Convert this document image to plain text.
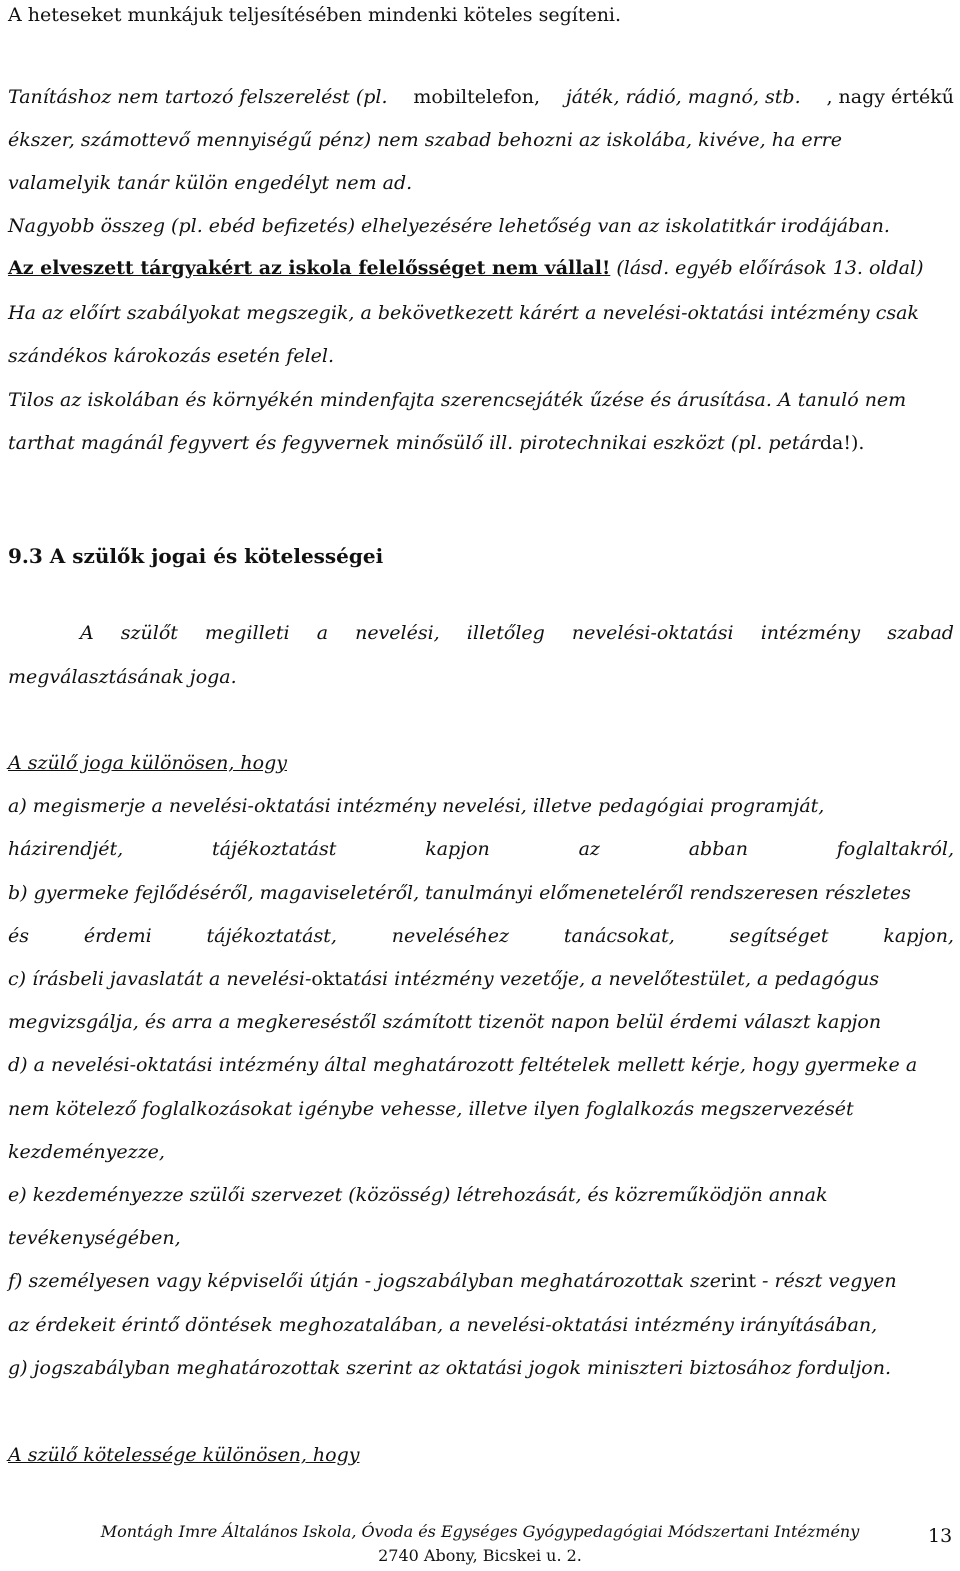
A heteseket munkájuk teljesítésében mindenki köteles segíteni.
Tanításhoz nem tartozó felszerelést (pl. mobiltelefon, játék, rádió, magnó, stb. , nagy értékű
ékszer, számottevő mennyiségű pénz) nem szabad behozni az iskolába, kivéve, ha erre
valamelyik tanár külön engedélyt nem ad.
Nagyobb összeg (pl. ebéd befizetés) elhelyezésére lehetőség van az iskolatitkár irodájában.
Az elveszett tárgyakért az iskola felelősséget nem vállal! (lásd. egyéb előírások 13. oldal)
Ha az előírt szabályokat megszegik, a bekövetkezett kárért a nevelési-oktatási intézmény csak
szándékos károkozás esetén felel.
Tilos az iskolában és környékén mindenfajta szerencsejáték űzése és árusítása. A tanuló nem
tarthat magánál fegyvert és fegyvernek minősülő ill. pirotechnikai eszközt (pl. petárda!).
9.3 A szülők jogai és kötelességei
A szülőt megilleti a nevelési, illetőleg nevelési-oktatási intézmény szabad
megválasztásának joga.
A szülő joga különösen, hogy
a) megismerje a nevelési-oktatási intézmény nevelési, illetve pedagógiai programját,
házirendjét,	tájékoztatást	kapjon	az	abban	foglaltakról,
b) gyermeke fejlődéséről, magaviseletéről, tanulmányi előmeneteléről rendszeresen részletes
és	érdemi	tájékoztatást,	neveléséhez	tanácsokat,	segítséget	kapjon,
c) írásbeli javaslatát a nevelési-oktatási intézmény vezetője, a nevelőtestület, a pedagógus
megvizsgálja, és arra a megkereséstől számított tizenöt napon belül érdemi választ kapjon
d) a nevelési-oktatási intézmény által meghatározott feltételek mellett kérje, hogy gyermeke a
nem kötelező foglalkozásokat igénybe vehesse, illetve ilyen foglalkozás megszervezését
kezdeményezze,
e) kezdeményezze szülői szervezet (közösség) létrehozását, és közreműködjön annak
tevékenységében,
f) személyesen vagy képviselői útján - jogszabályban meghatározottak szerint - részt vegyen
az érdekeit érintő döntések meghozatalában, a nevelési-oktatási intézmény irányításában,
g) jogszabályban meghatározottak szerint az oktatási jogok miniszteri biztosához forduljon.
A szülő kötelessége különösen, hogy
Montágh Imre Általános Iskola, Óvoda és Egységes Gyógypedagógiai Módszertani Intézmény
2740 Abony, Bicskei u. 2.
13
